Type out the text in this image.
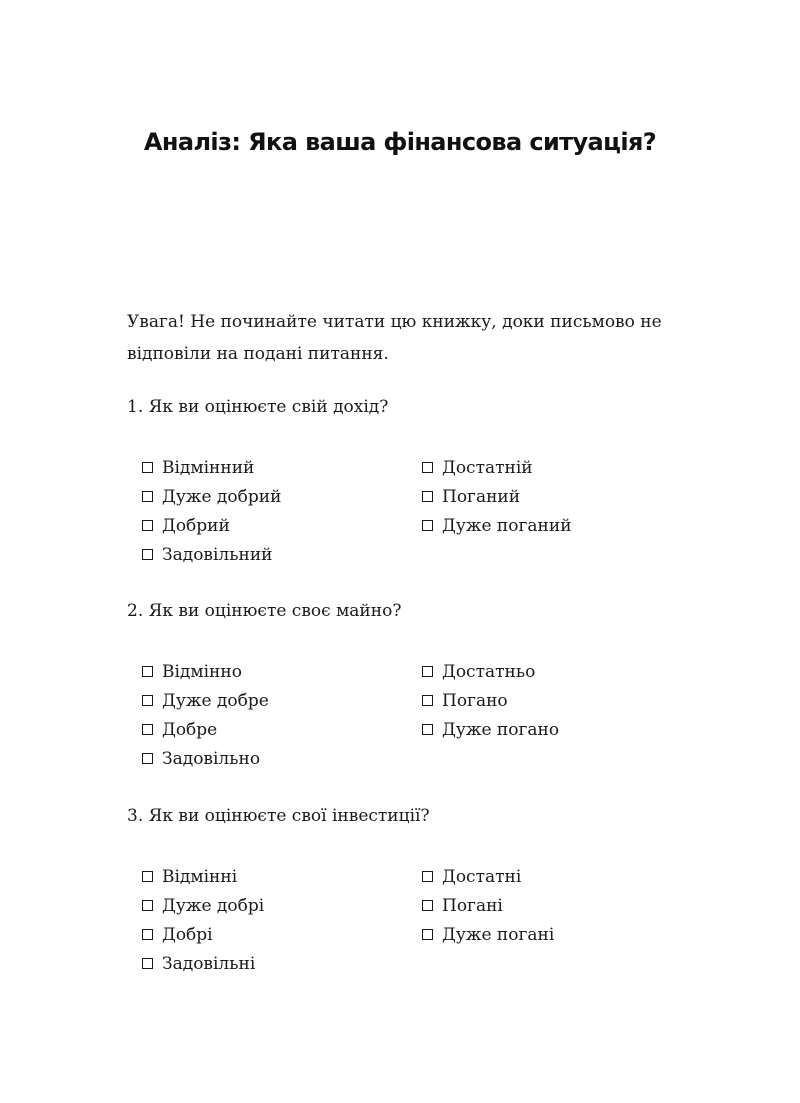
Аналіз: Яка ваша фінансова ситуація?

Увага! Не починайте читати цю книжку, доки письмово не відповіли на подані питання.

1. Як ви оцінюєте свій дохід?

Відмінний
Дуже добрий
Добрий
Задовільний
Достатній
Поганий
Дуже поганий

2. Як ви оцінюєте своє майно?

Відмінно
Дуже добре
Добре
Задовільно
Достатньо
Погано
Дуже погано

3. Як ви оцінюєте свої інвестиції?

Відмінні
Дуже добрі
Добрі
Задовільні
Достатні
Погані
Дуже погані
